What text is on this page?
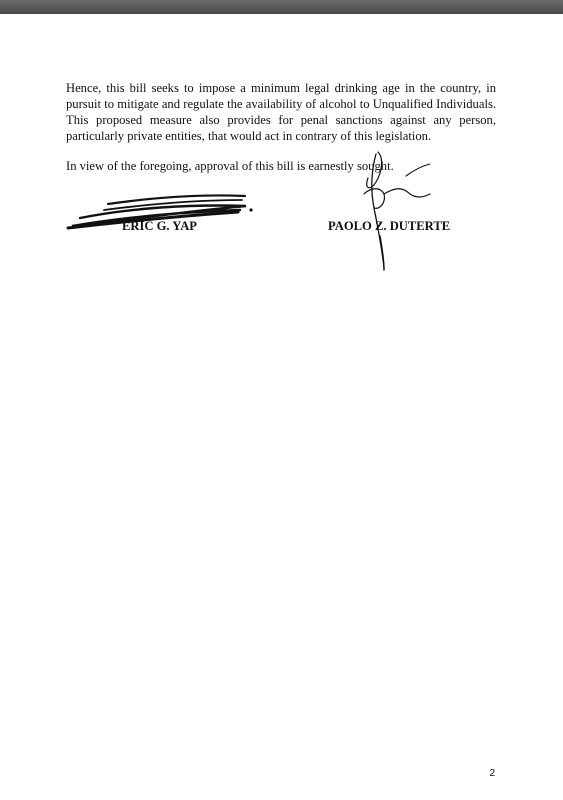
Hence, this bill seeks to impose a minimum legal drinking age in the country, in pursuit to mitigate and regulate the availability of alcohol to Unqualified Individuals. This proposed measure also provides for penal sanctions against any person, particularly private entities, that would act in contrary of this legislation.

In view of the foregoing, approval of this bill is earnestly sought.

ERIC G. YAP	PAOLO Z. DUTERTE
2
